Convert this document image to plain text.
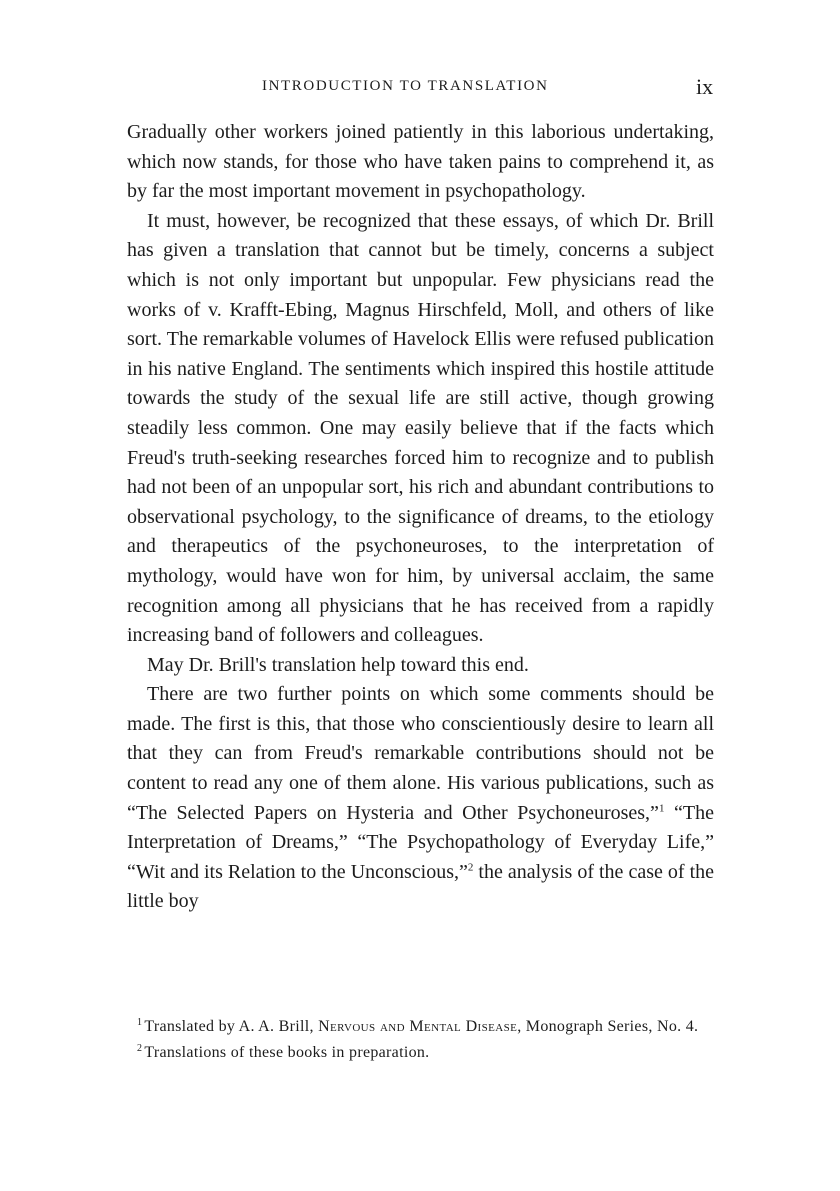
INTRODUCTION TO TRANSLATION	ix

Gradually other workers joined patiently in this laborious undertaking, which now stands, for those who have taken pains to comprehend it, as by far the most important movement in psychopathology.

It must, however, be recognized that these essays, of which Dr. Brill has given a translation that cannot but be timely, concerns a subject which is not only important but unpopular. Few physicians read the works of v. Krafft-Ebing, Magnus Hirschfeld, Moll, and others of like sort. The remarkable volumes of Havelock Ellis were refused publication in his native England. The sentiments which inspired this hostile attitude towards the study of the sexual life are still active, though growing steadily less common. One may easily believe that if the facts which Freud's truth-seeking researches forced him to recognize and to publish had not been of an unpopular sort, his rich and abundant contributions to observational psychology, to the significance of dreams, to the etiology and therapeutics of the psychoneuroses, to the interpretation of mythology, would have won for him, by universal acclaim, the same recognition among all physicians that he has received from a rapidly increasing band of followers and colleagues.

May Dr. Brill's translation help toward this end.

There are two further points on which some comments should be made. The first is this, that those who conscientiously desire to learn all that they can from Freud's remarkable contributions should not be content to read any one of them alone. His various publications, such as “The Selected Papers on Hysteria and Other Psychoneuroses,”$^1$ “The Interpretation of Dreams,” “The Psychopathology of Everyday Life,” “Wit and its Relation to the Unconscious,”$^2$ the analysis of the case of the little boy

$^1$ Translated by A. A. Brill, Nervous and Mental Disease, Monograph Series, No. 4.

$^2$ Translations of these books in preparation.
